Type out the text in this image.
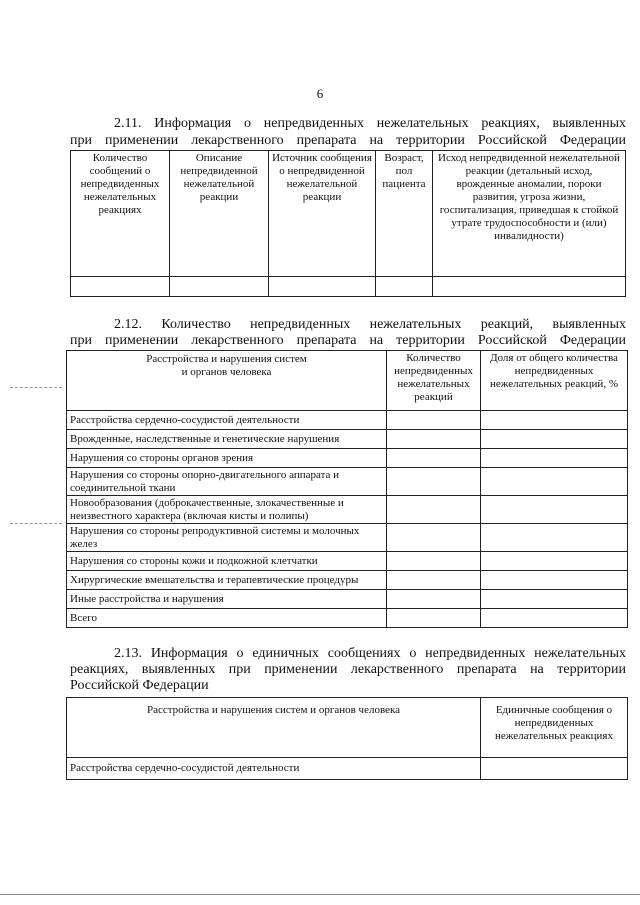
6
2.11. Информация о непредвиденных нежелательных реакциях, выявленных
при применении лекарственного препарата на территории Российской Федерации
Количество сообщений о непредвиденных нежелательных реакциях	Описание непредвиденной нежелательной реакции	Источник сообщения о непредвиденной нежелательной реакции	Возраст, пол пациента	Исход непредвиденной нежелательной реакции (детальный исход, врожденные аномалии, пороки развития, угроза жизни, госпитализация, приведшая к стойкой утрате трудоспособности и (или) инвалидности)

2.12. Количество непредвиденных нежелательных реакций, выявленных
при применении лекарственного препарата на территории Российской Федерации
Расстройства и нарушения систем и органов человека	Количество непредвиденных нежелательных реакций	Доля от общего количества непредвиденных нежелательных реакций, %
Расстройства сердечно-сосудистой деятельности		
Врожденные, наследственные и генетические нарушения		
Нарушения со стороны органов зрения		
Нарушения со стороны опорно-двигательного аппарата и соединительной ткани		
Новообразования (доброкачественные, злокачественные и неизвестного характера (включая кисты и полипы)		
Нарушения со стороны репродуктивной системы и молочных желез		
Нарушения со стороны кожи и подкожной клетчатки		
Хирургические вмешательства и терапевтические процедуры		
Иные расстройства и нарушения		
Всего		
2.13. Информация о единичных сообщениях о непредвиденных нежелательных
реакциях, выявленных при применении лекарственного препарата на территории
Российской Федерации
Расстройства и нарушения систем и органов человека	Единичные сообщения о непредвиденных нежелательных реакциях
Расстройства сердечно-сосудистой деятельности	
